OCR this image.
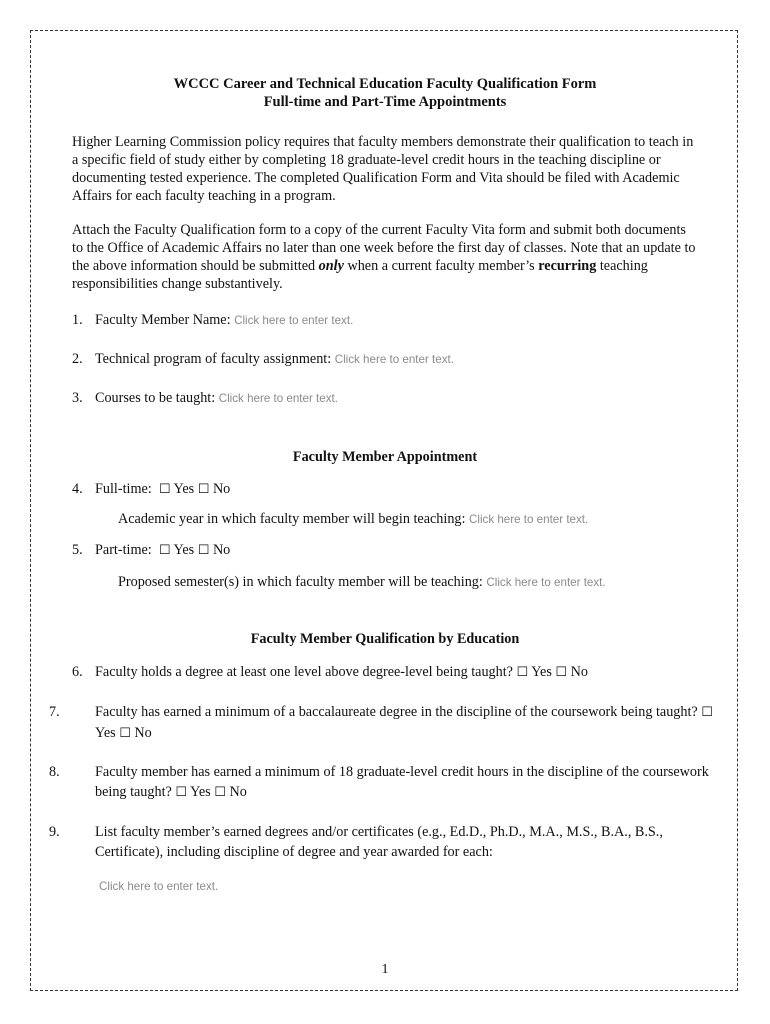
WCCC Career and Technical Education Faculty Qualification Form
Full-time and Part-Time Appointments
Higher Learning Commission policy requires that faculty members demonstrate their qualification to teach in a specific field of study either by completing 18 graduate-level credit hours in the teaching discipline or documenting tested experience. The completed Qualification Form and Vita should be filed with Academic Affairs for each faculty teaching in a program.
Attach the Faculty Qualification form to a copy of the current Faculty Vita form and submit both documents to the Office of Academic Affairs no later than one week before the first day of classes. Note that an update to the above information should be submitted only when a current faculty member’s recurring teaching responsibilities change substantively.
1. Faculty Member Name: Click here to enter text.
2. Technical program of faculty assignment: Click here to enter text.
3. Courses to be taught: Click here to enter text.
Faculty Member Appointment
4. Full-time: ☐ Yes ☐ No
Academic year in which faculty member will begin teaching: Click here to enter text.
5. Part-time: ☐ Yes ☐ No
Proposed semester(s) in which faculty member will be teaching: Click here to enter text.
Faculty Member Qualification by Education
6. Faculty holds a degree at least one level above degree-level being taught? ☐ Yes ☐ No
7. Faculty has earned a minimum of a baccalaureate degree in the discipline of the coursework being taught? ☐ Yes ☐ No
8. Faculty member has earned a minimum of 18 graduate-level credit hours in the discipline of the coursework being taught? ☐ Yes ☐ No
9. List faculty member’s earned degrees and/or certificates (e.g., Ed.D., Ph.D., M.A., M.S., B.A., B.S., Certificate), including discipline of degree and year awarded for each:
Click here to enter text.
1
